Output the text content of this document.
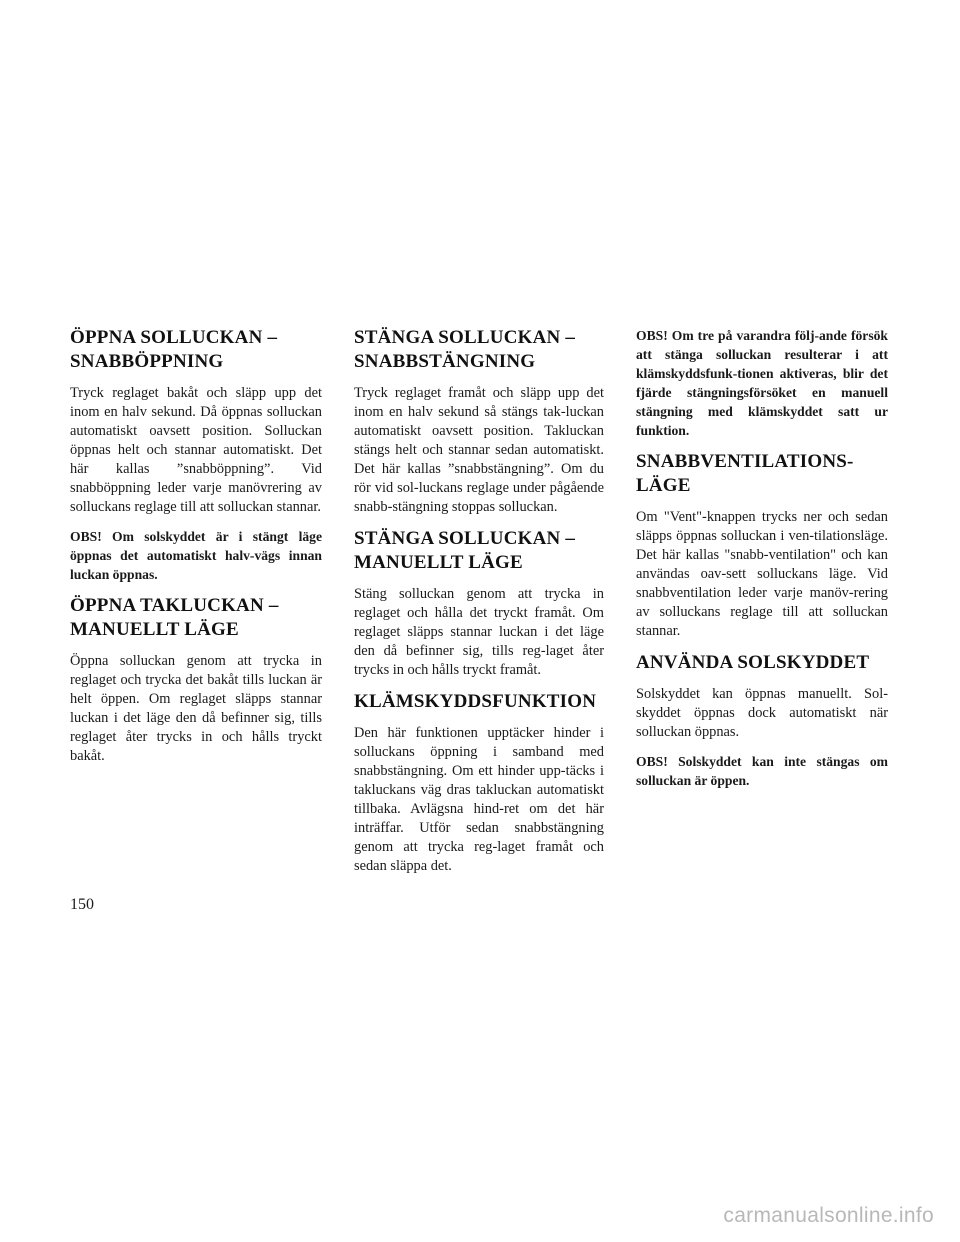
ÖPPNA SOLLUCKAN –
SNABBÖPPNING

Tryck reglaget bakåt och släpp upp det inom en halv sekund. Då öppnas solluckan automatiskt oavsett position. Solluckan öppnas helt och stannar automatiskt. Det här kallas ”snabböppning”. Vid snabböppning leder varje manövrering av solluckans reglage till att solluckan stannar.

OBS! Om solskyddet är i stängt läge öppnas det automatiskt halv-vägs innan luckan öppnas.

ÖPPNA TAKLUCKAN –
MANUELLT LÄGE

Öppna solluckan genom att trycka in reglaget och trycka det bakåt tills luckan är helt öppen. Om reglaget släpps stannar luckan i det läge den då befinner sig, tills reglaget åter trycks in och hålls tryckt bakåt.

STÄNGA SOLLUCKAN –
SNABBSTÄNGNING

Tryck reglaget framåt och släpp upp det inom en halv sekund så stängs tak-luckan automatiskt oavsett position. Takluckan stängs helt och stannar sedan automatiskt. Det här kallas ”snabbstängning”. Om du rör vid sol-luckans reglage under pågående snabb-stängning stoppas solluckan.

STÄNGA SOLLUCKAN –
MANUELLT LÄGE

Stäng solluckan genom att trycka in reglaget och hålla det tryckt framåt. Om reglaget släpps stannar luckan i det läge den då befinner sig, tills reg-laget åter trycks in och hålls tryckt framåt.

KLÄMSKYDDSFUNKTION

Den här funktionen upptäcker hinder i solluckans öppning i samband med snabbstängning. Om ett hinder upp-täcks i takluckans väg dras takluckan automatiskt tillbaka. Avlägsna hind-ret om det här inträffar. Utför sedan snabbstängning genom att trycka reg-laget framåt och sedan släppa det.

OBS! Om tre på varandra följ-ande försök att stänga solluckan resulterar i att klämskyddsfunk-tionen aktiveras, blir det fjärde stängningsförsöket en manuell stängning med klämskyddet satt ur funktion.

SNABBVENTILATIONS-
LÄGE

Om "Vent"-knappen trycks ner och sedan släpps öppnas solluckan i ven-tilationsläge. Det här kallas "snabb-ventilation" och kan användas oav-sett solluckans läge. Vid snabbventilation leder varje manöv-rering av solluckans reglage till att solluckan stannar.

ANVÄNDA SOLSKYDDET

Solskyddet kan öppnas manuellt. Sol-skyddet öppnas dock automatiskt när solluckan öppnas.

OBS! Solskyddet kan inte stängas om solluckan är öppen.

150
carmanualsonline.info
